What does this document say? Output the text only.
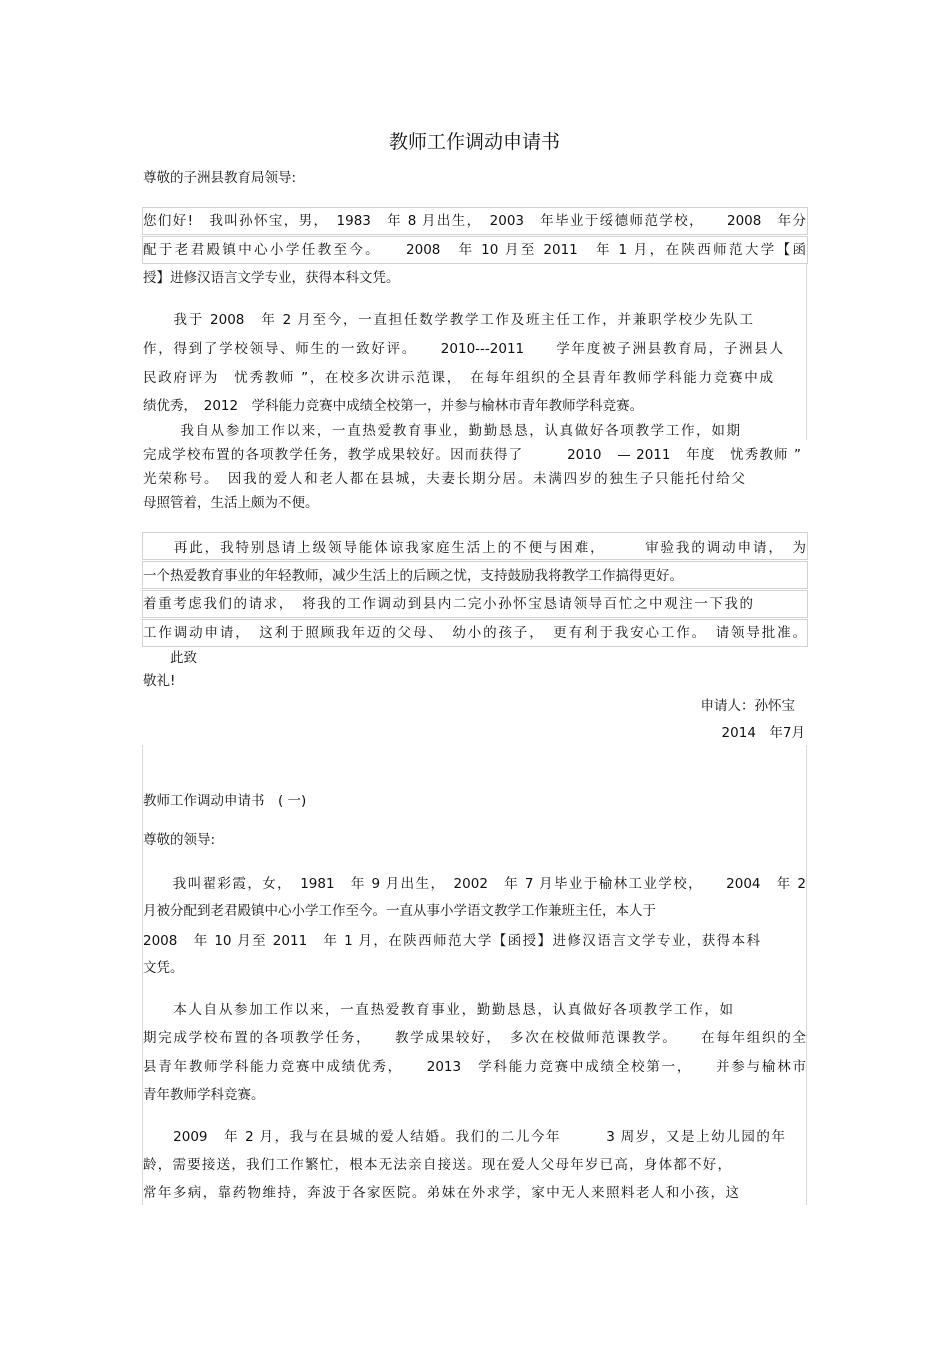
教师工作调动申请书
尊敬的子洲县教育局领导:
您们好!　我叫孙怀宝，男，　1983　年 8 月出生，　2003　年毕业于绥德师范学校，　　2008　年分
配于老君殿镇中心小学任教至今。　　2008　年 10 月至 2011　年 1 月，在陕西师范大学【函
授】进修汉语言文学专业，获得本科文凭。
　　我于 2008　年 2 月至今，一直担任数学教学工作及班主任工作，并兼职学校少先队工
作，得到了学校领导、师生的一致好评。　　2010---2011　　学年度被子洲县教育局，子洲县人
民政府评为　忧秀教师 ”，在校多次讲示范课，　在每年组织的全县青年教师学科能力竞赛中成
绩优秀，　2012　学科能力竞赛中成绩全校第一，并参与榆林市青年教师学科竞赛。
　　我自从参加工作以来，一直热爱教育事业，勤勤恳恳，认真做好各项教学工作，如期
完成学校布置的各项教学任务，教学成果较好。因而获得了　　　2010　— 2011　年度　忧秀教师 ”
光荣称号。　因我的爱人和老人都在县城，夫妻长期分居。未满四岁的独生子只能托付给父
母照管着，生活上颇为不便。
　　再此，我特别恳请上级领导能体谅我家庭生活上的不便与困难，　　　审验我的调动申请，　为
一个热爱教育事业的年轻教师，减少生活上的后顾之忧，支持鼓励我将教学工作搞得更好。
着重考虑我们的请求，　将我的工作调动到县内二完小孙怀宝恳请领导百忙之中观注一下我的
工作调动申请，　这利于照顾我年迈的父母、　幼小的孩子，　更有利于我安心工作。　请领导批准。
　　此致
敬礼!
申请人：孙怀宝
2014　年7月
教师工作调动申请书　( 一)
尊敬的领导:
　　我叫翟彩霞，女，　1981　年 9 月出生，　2002　年 7 月毕业于榆林工业学校，　　2004　年 2
月被分配到老君殿镇中心小学工作至今。一直从事小学语文教学工作兼班主任，本人于
2008　年 10 月至 2011　年 1 月，在陕西师范大学【函授】进修汉语言文学专业，获得本科
文凭。
　　本人自从参加工作以来，一直热爱教育事业，勤勤恳恳，认真做好各项教学工作，如
期完成学校布置的各项教学任务，　　教学成果较好，　多次在校做师范课教学。　　在每年组织的全
县青年教师学科能力竞赛中成绩优秀，　　2013　学科能力竞赛中成绩全校第一，　　并参与榆林市
青年教师学科竞赛。
　　2009　年 2 月，我与在县城的爱人结婚。我们的二儿今年　　　3 周岁，又是上幼儿园的年
龄，需要接送，我们工作繁忙，根本无法亲自接送。现在爱人父母年岁已高，身体都不好，
常年多病，靠药物维持，奔波于各家医院。弟妹在外求学，家中无人来照料老人和小孩，这
